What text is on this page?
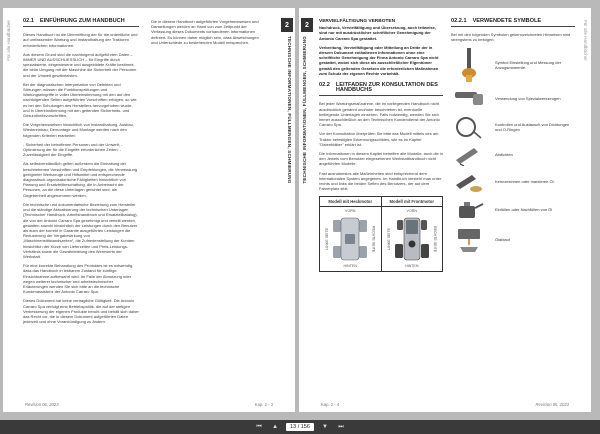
Für alle Handbücher 02.1 EINFÜHRUNG ZUM HANDBUCH

Dieses Handbuch ist die Übermittlung der für die ordentliche und auf umfassender Wartung und Instandhaltung der Traktoren erforderlichen Informationen.

Aus diesem Grund sind die nachfolgend aufgeführten Daten – IMMER UND AUSSCHLIESSLICH – für Eingriffe durch spezialisierte, eingewiesene und ausgebildete Kräfte bestimmt, die beim Umgang mit der Maschine die Sicherheit der Personen und der Umwelt gewährleisten.

Bei der diagnostischen Interpretation von Defekten und Störungen müssen die Funktionsprüfungen und Wartungseingriffe in voller Übereinstimmung mit den auf den nachfolgenden Seiten aufgeführten Vorschriften erfolgen, so wie es bei den Schulungen des Herstellers hervorgehoben wurde, und in Übereinstimmung mit den geltenden Sicherheits- und Gesundheitsvorschriften.

Die Vorgehensweisen hinsichtlich von Instandhaltung, Ausbau, Wiedereinbau, Demontage und Montage werden nach den folgenden Kriterien erarbeitet:

- Sicherheit der betroffenen Personen und der Umwelt; - Optimierung der für die Eingriffe erforderlichen Zeiten; - Zuverlässigkeit der Eingriffe.

Als selbstverständlich gelten außerdem die Einhaltung der beschriebenen Vorschriften und Empfehlungen, die Verwendung geeigneter Werkzeuge und Hilfsmittel und entsprechende diagnostisch-organisatorische Fähigkeiten hinsichtlich von Planung und Ersatzteilbeschaffung, die in Anbetracht der Personen, an die diese Unterlagen gerichtet sind, als Gegebenheit angenommen werden.

Die technische und dokumentarische Beziehung zum Hersteller und die ständige Aktualisierung der technischen Unterlagen (Technischer Handbuch, Arbeitshandbuch und Ersatzteilkatalog), die von der Antonio Carraro Spa genehmigt und verteilt werden, gestatten sowohl hinsichtlich der Leistungen durch den Benutzer als auch der korrekt in Garantie ausgeführten Leistungen die Reduzierung der Vergabewirkung von „Maschinenstillstandszeiten“, die Zufriedenstellung der Kunden hinsichtlich der Kürze von Lieferzeiten und Preis-Leistungs-Verhältnis sowie die Gewährleistung des Wehrwerts der Werkstatt.

Für eine korrekte Behandlung des Produktes ist es notwendig, dass das Handbuch in lesbarem Zustand für künftige Einsichtnahme aufbewahrt wird. Im Falle der Abnutzung oder wegen weiterer technischer und arbeitstechnischer Erläuterungen wenden Sie sich bitte an die technische Kundenassistenz der Antonio Carraro Spa.

Dieses Dokument hat keine vertragliche Gültigkeit. Die Antonio Carraro Spa verfolgt eine Betriebspolitik, die auf der stetigen Verbesserung der eigenen Produkte beruht und behält sich daher das Recht vor, die in diesem Dokument aufgeführten Daten jederzeit und ohne Vorankündigung zu ändern.

Die in diesem Handbuch aufgeführten Vorgehensweisen und Darstellungen werden an Hand von zum Zeitpunkt der Verfassung dieses Dokuments vorhandenen Informationen definiert. Es können daher möglich sein, dass Abweichungen und Unterschiede zu bestehenden Modell entsprechen.

2
TECHNISCHE INFORMATIONEN, FÜLLMENGEN, SCHMIERUNG
Revision 06, 2023	Kap. 2 - 3
Für alle Handbücher
2
TECHNISCHE INFORMATIONEN, FÜLLMENGEN, SCHMIERUNG
VERVIELFÄLTIGUNG VERBOTEN

Nachdruck, Vervielfältigung und Übersetzung, auch teilweise, sind nur mit ausdrücklicher schriftlicher Genehmigung der Antonio Carraro Spa gestattet.

Verbreitung, Vervielfältigung oder Mitteilung an Dritte der in diesem Dokument enthaltenen Informationen ohne eine schriftliche Genehmigung der Firma Antonio Carraro Spa nicht gestattet, wobei sich diese als ausschließlicher Eigentümer gemäß den geltenden Gesetzen die erforderlichen Maßnahmen zum Schutz der eigenen Rechte vorbehält.

02.2 LEITFADEN ZUR KONSULTATION DES HANDBUCHS

Bei jeder Wartungsmaßnahme, die im vorliegenden Handbuch nicht ausdrücklich genannt und/oder beschrieben ist, eventuelle beiliegende Unterlagen einsehen. Falls notwendig, wenden Sie sich immer ausschließlich an den Technischen Kundendienst der Antonio Carraro Spa.

Vor der Konsultation überprüfen Sie bitte das Modell mittels des am Traktor befestigten Erkennungsschildes, wie es im Kapitel "Datenblätter" erklärt ist.

Die Informationen in diesem Kapitel betreffen alle Modelle, auch die in den Jewels vom Benutzer eingesehenen Werkstatthandbuch nicht angeführten Modelle.

Fast ausnahmslos alle Maßeinheiten sind entsprechend dem internationalen System angegeben. Im Handbuch versteht man unter rechts und links die beiden Seiten des Benutzers, der auf dem Fahrerplatz sitzt.

Modell mit Heckmotor
VORN
LINKE SEITE	RECHTE SEITE
HINTEN
Modell mit Frontmotor
VORN
LINKE SEITE	RECHTE SEITE
HINTEN
02.2.1 VERWENDETE SYMBOLE

Bei mit den folgenden Symbolen gekennzeichneten Hinweisen sind strengstens zu befolgen:

Symbol Einstellung und Messung der Anzugsmomente.
Verwendung von Spezialwerkzeugen
Kontrollen und Austausch von Dichtungen und O-Ringen
Abdichten
Kennzeichnen oder markieren Öl.
Einfüllen oder Nachfüllen von Öl
Ölablauf
Kap. 2 - 4	Revision 06, 2023
⏮	▲	13 / 156	▼	⏭
